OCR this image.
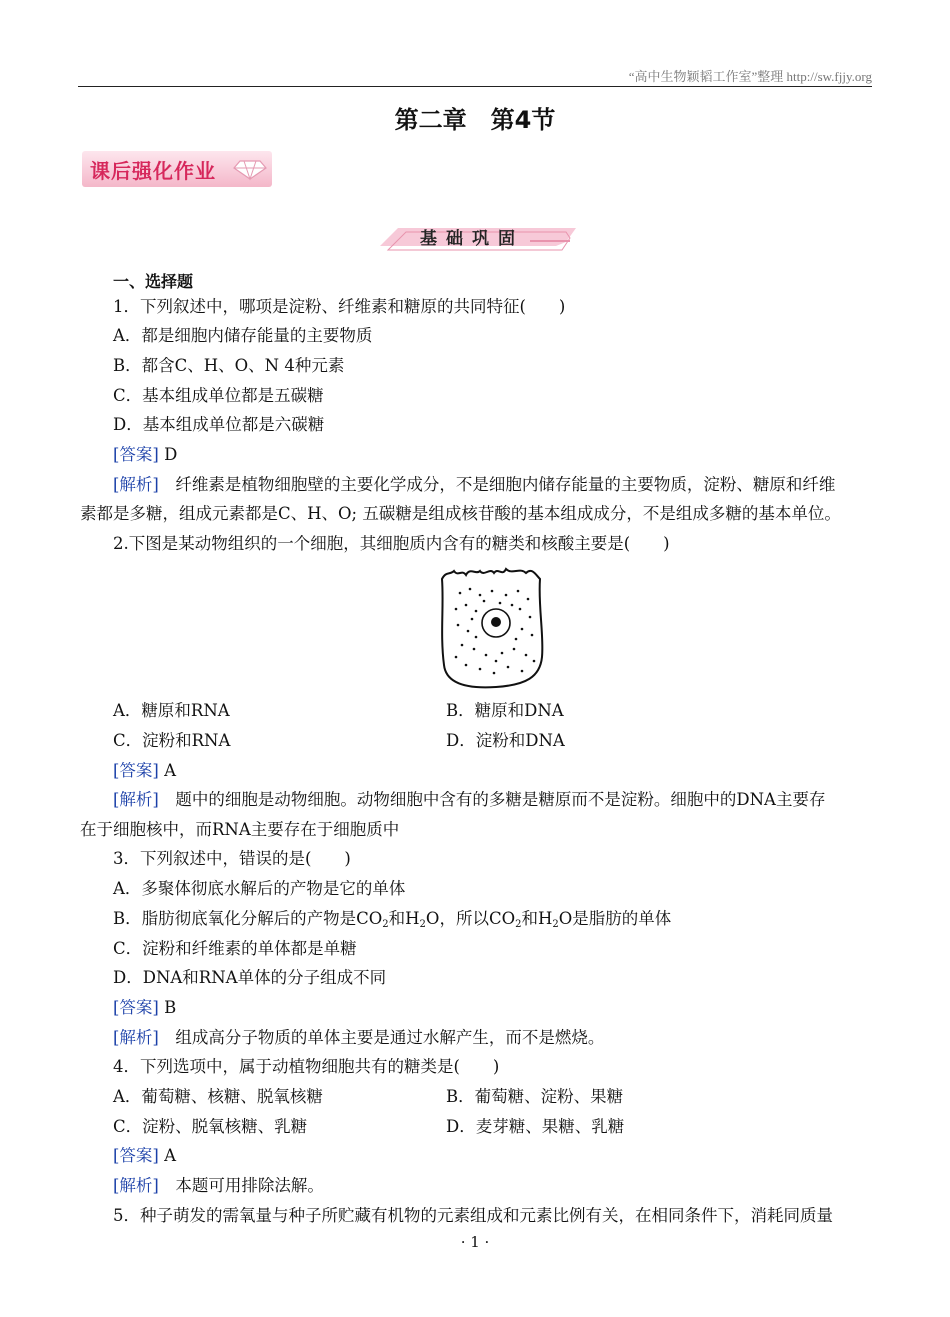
“高中生物颖韬工作室”整理 http://sw.fjjy.org
第二章　第4节
课后强化作业
基础巩固
一、选择题
1．下列叙述中，哪项是淀粉、纤维素和糖原的共同特征(　　)
A．都是细胞内储存能量的主要物质
B．都含C、H、O、N 4种元素
C．基本组成单位都是五碳糖
D．基本组成单位都是六碳糖
[答案] D
[解析]　纤维素是植物细胞壁的主要化学成分，不是细胞内储存能量的主要物质，淀粉、糖原和纤维
素都是多糖，组成元素都是C、H、O; 五碳糖是组成核苷酸的基本组成成分，不是组成多糖的基本单位。
2.下图是某动物组织的一个细胞，其细胞质内含有的糖类和核酸主要是(　　)
A．糖原和RNA	B．糖原和DNA
C．淀粉和RNA	D．淀粉和DNA
[答案] A
[解析]　题中的细胞是动物细胞。动物细胞中含有的多糖是糖原而不是淀粉。细胞中的DNA主要存
在于细胞核中，而RNA主要存在于细胞质中
3．下列叙述中，错误的是(　　)
A．多聚体彻底水解后的产物是它的单体
B．脂肪彻底氧化分解后的产物是$CO_2$和$H_2O$，所以$CO_2$和$H_2O$是脂肪的单体
C．淀粉和纤维素的单体都是单糖
D．DNA和RNA单体的分子组成不同
[答案] B
[解析]　组成高分子物质的单体主要是通过水解产生，而不是燃烧。
4．下列选项中，属于动植物细胞共有的糖类是(　　)
A．葡萄糖、核糖、脱氧核糖	B．葡萄糖、淀粉、果糖
C．淀粉、脱氧核糖、乳糖	D．麦芽糖、果糖、乳糖
[答案] A
[解析]　本题可用排除法解。
5．种子萌发的需氧量与种子所贮藏有机物的元素组成和元素比例有关，在相同条件下，消耗同质量
· 1 ·
